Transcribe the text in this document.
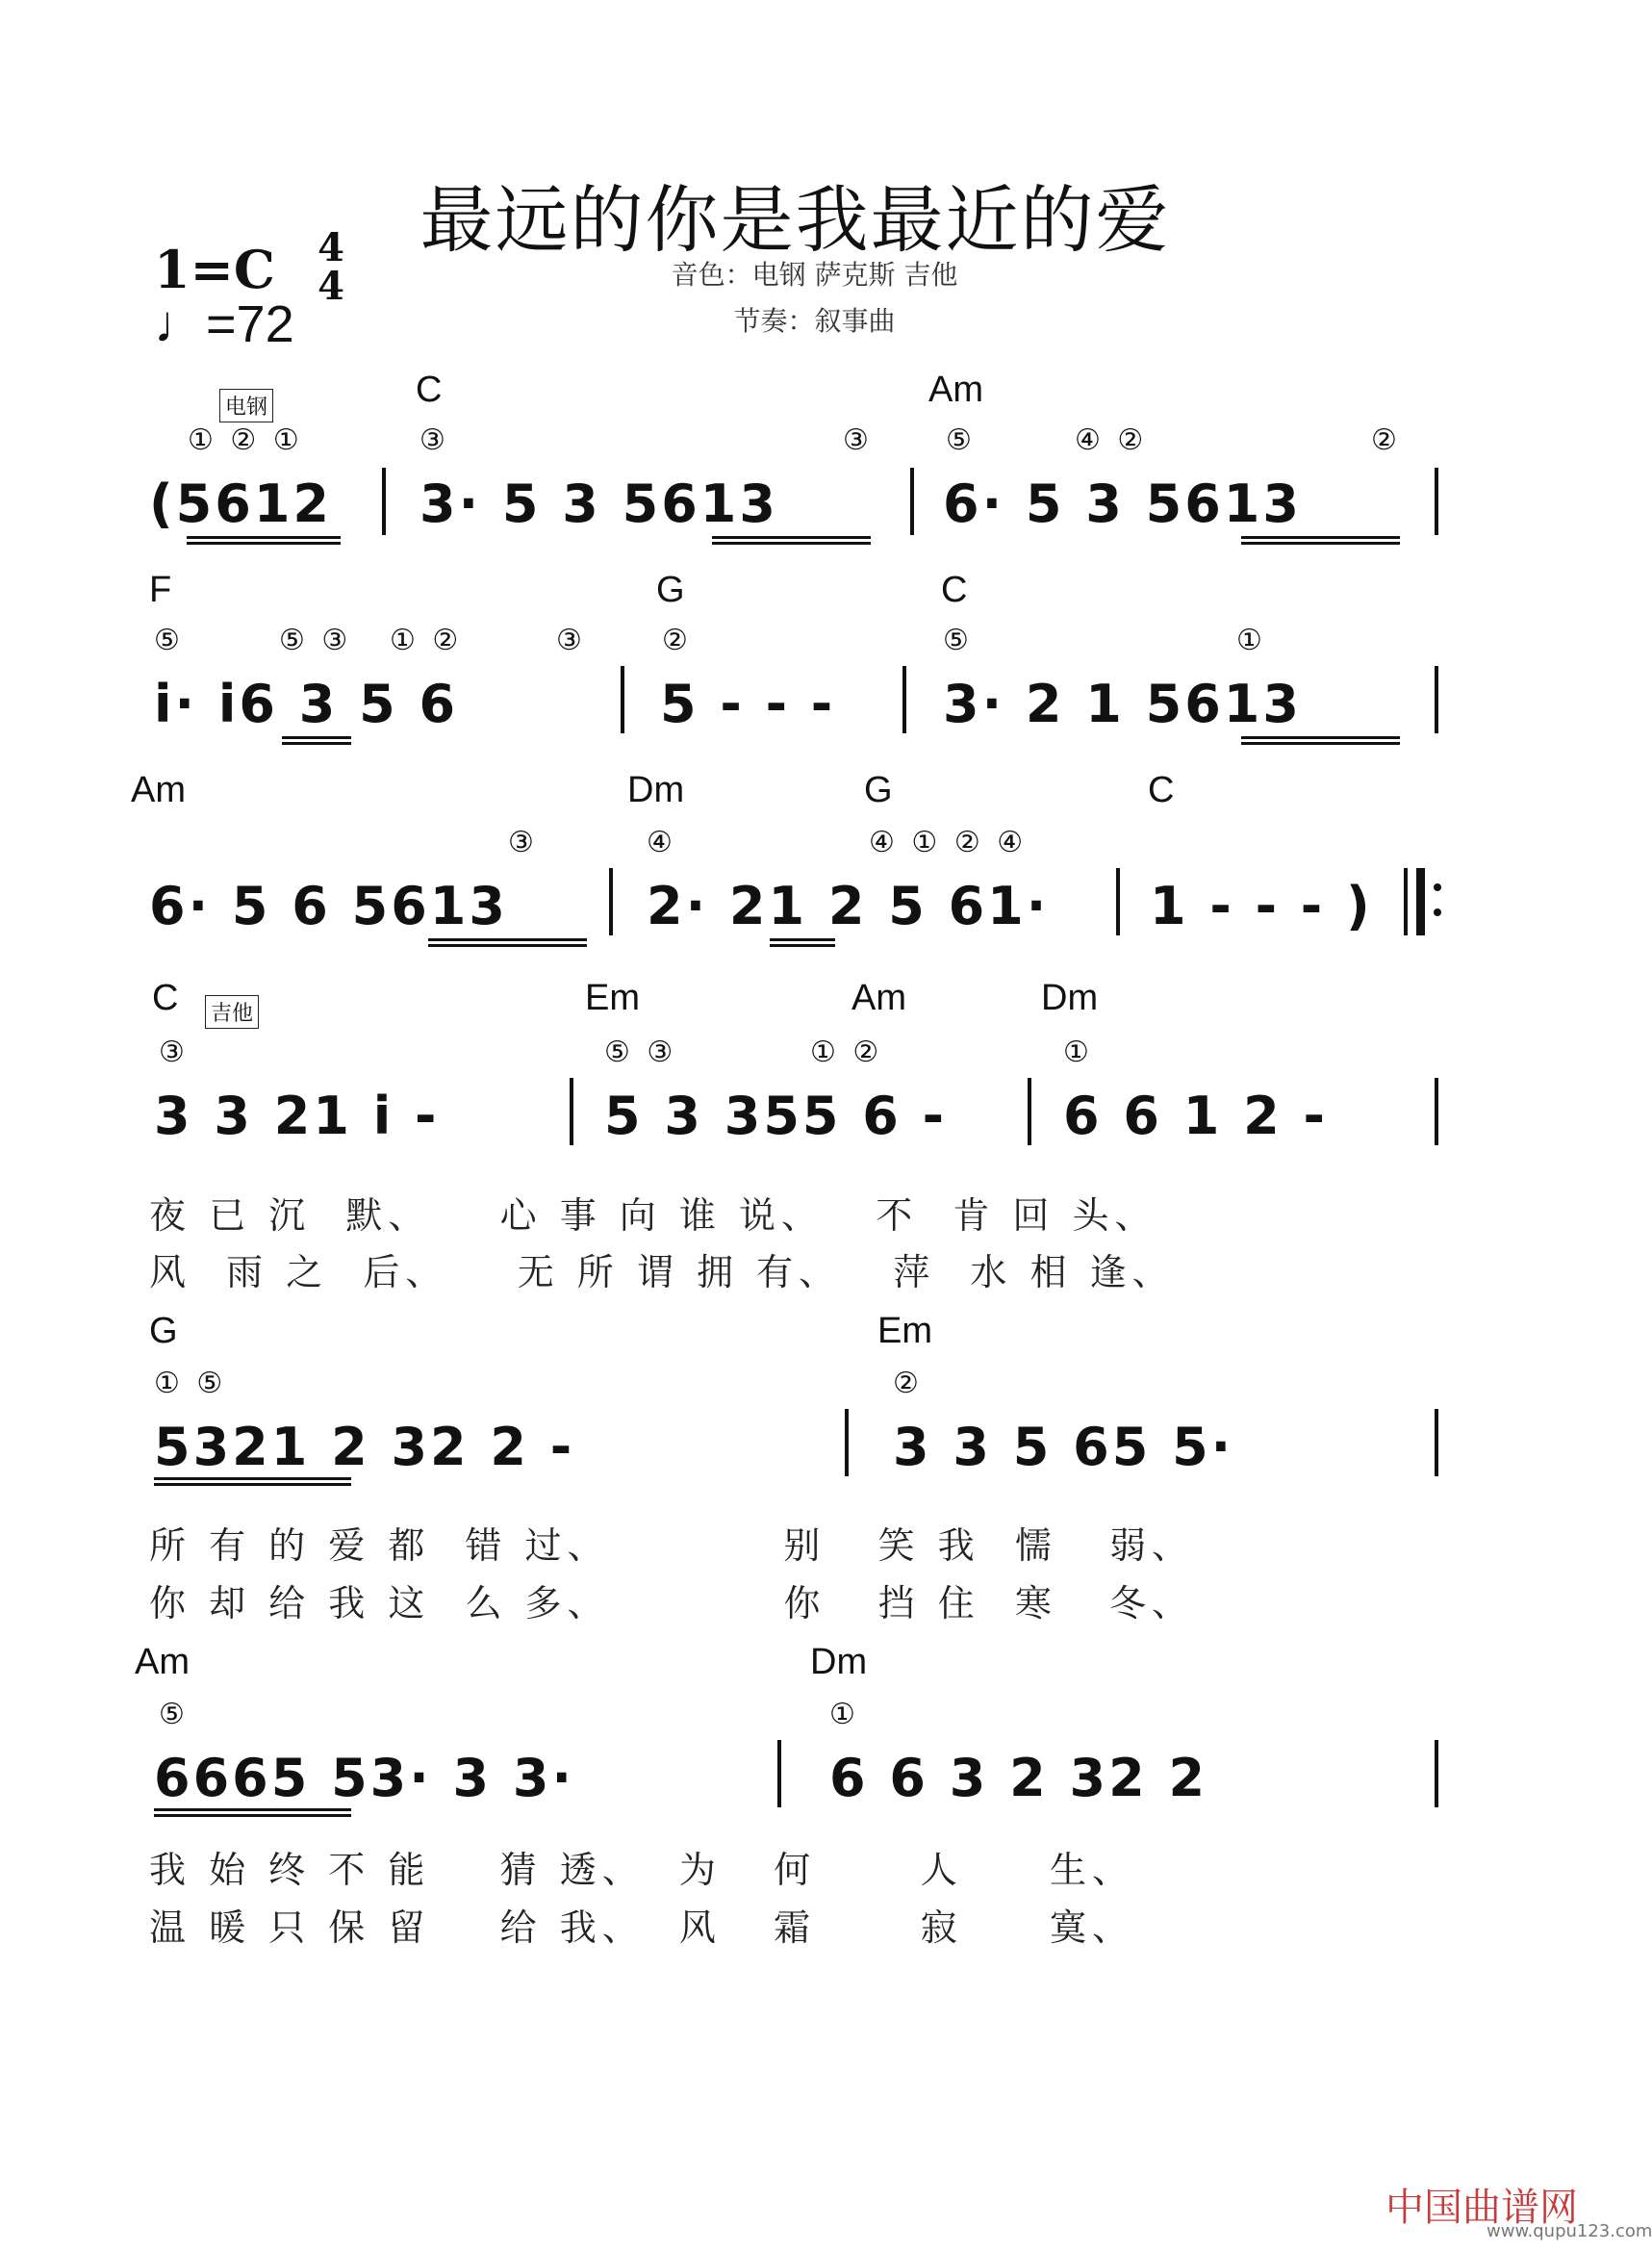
最远的你是我最近的爱
音色：电钢 萨克斯 吉他
节奏：叙事曲
1=C 4
4
♩=72
C	Am
电钢
① ② ①	③	③	⑤	④ ②	②
(5612 3· 5 3 5613	6· 5 3 5613
F	G	C
⑤	⑤ ③ ① ②	③	②	⑤	①
i· i6 3 5 6	5 - - - 3· 2 1 5613
Am	Dm	G	C
③	④	④ ① ② ④
6· 5 6 5613	2· 21 2 5 61· 1 - - - )
C 吉他	Em	Am	Dm
③	⑤ ③	① ②	①
3 3 21 i -	5 3 355 6 - 6 6 1 2 -
夜 已 沉  默、    心 事 向 谁 说、   不  肯 回 头、
风  雨 之  后、    无 所 谓 拥 有、   萍  水 相 逢、
G	Em
① ⑤	②
5321 2 32 2 -	3 3 5 65 5·
所 有 的 爱 都  错 过、          别   笑 我  懦   弱、
你 却 给 我 这  么 多、          你   挡 住  寒   冬、
Am	Dm
⑤	①
6665 53· 3 3·	6 6 3 2 32 2
我 始 终 不 能    猜 透、  为   何      人     生、
温 暖 只 保 留    给 我、  风   霜      寂     寞、
中国曲谱网
www.qupu123.com
